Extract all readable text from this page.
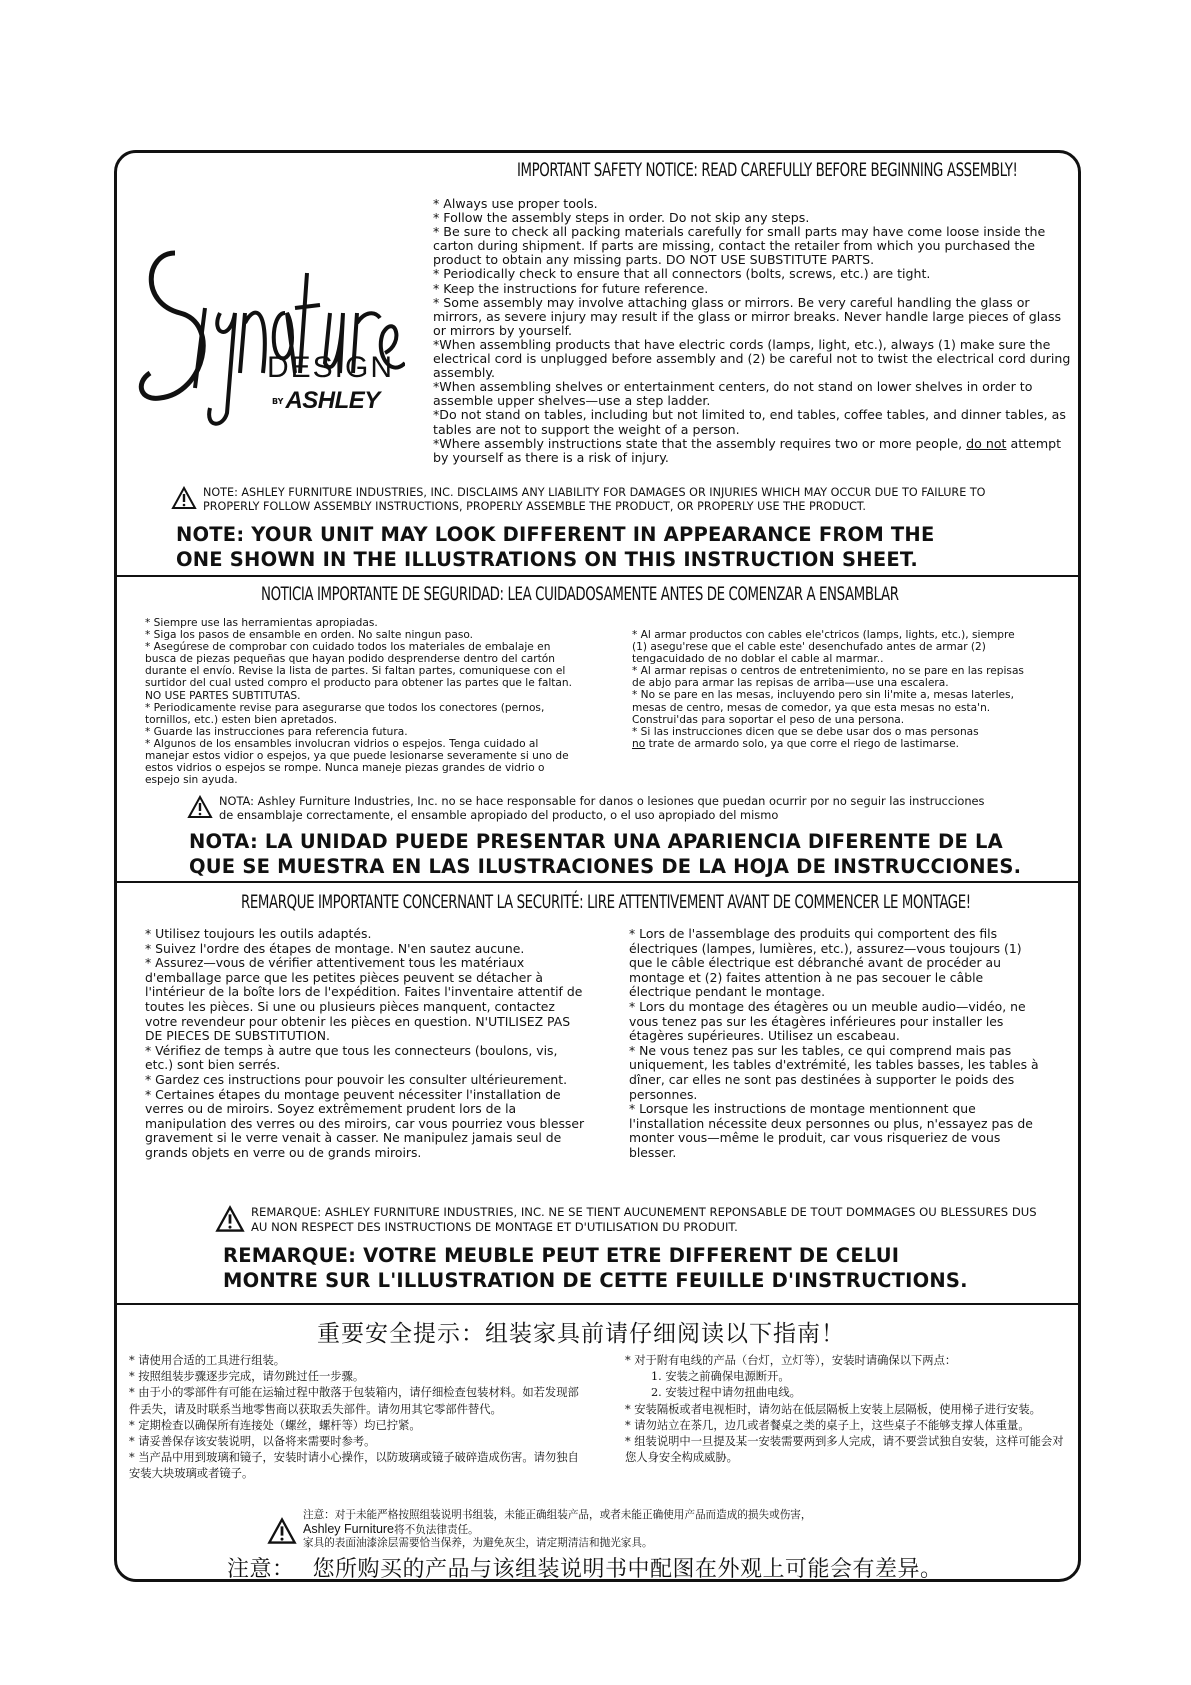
DESIGN
BY ASHLEY
IMPORTANT SAFETY NOTICE: READ CAREFULLY BEFORE BEGINNING ASSEMBLY!

* Always use proper tools.

* Follow the assembly steps in order. Do not skip any steps.

* Be sure to check all packing materials carefully for small parts may have come loose inside the carton during shipment. If parts are missing, contact the retailer from which you purchased the product to obtain any missing parts. DO NOT USE SUBSTITUTE PARTS.

* Periodically check to ensure that all connectors (bolts, screws, etc.) are tight.

* Keep the instructions for future reference.

* Some assembly may involve attaching glass or mirrors. Be very careful handling the glass or mirrors, as severe injury may result if the glass or mirror breaks. Never handle large pieces of glass or mirrors by yourself.

*When assembling products that have electric cords (lamps, light, etc.), always (1) make sure the electrical cord is unplugged before assembly and (2) be careful not to twist the electrical cord during assembly.

*When assembling shelves or entertainment centers, do not stand on lower shelves in order to assemble upper shelves—use a step ladder.

*Do not stand on tables, including but not limited to, end tables, coffee tables, and dinner tables, as tables are not to support the weight of a person.

*Where assembly instructions state that the assembly requires two or more people, do not attempt by yourself as there is a risk of injury.

NOTE: ASHLEY FURNITURE INDUSTRIES, INC. DISCLAIMS ANY LIABILITY FOR DAMAGES OR INJURIES WHICH MAY OCCUR DUE TO FAILURE TO PROPERLY FOLLOW ASSEMBLY INSTRUCTIONS, PROPERLY ASSEMBLE THE PRODUCT, OR PROPERLY USE THE PRODUCT.
NOTE: YOUR UNIT MAY LOOK DIFFERENT IN APPEARANCE FROM THE
ONE SHOWN IN THE ILLUSTRATIONS ON THIS INSTRUCTION SHEET.
NOTICIA IMPORTANTE DE SEGURIDAD: LEA CUIDADOSAMENTE ANTES DE COMENZAR A ENSAMBLAR

* Siempre use las herramientas apropiadas.

* Siga los pasos de ensamble en orden. No salte ningun paso.

* Asegúrese de comprobar con cuidado todos los materiales de embalaje en busca de piezas pequeñas que hayan podido desprenderse dentro del cartón durante el envío. Revise la lista de partes. Si faltan partes, comuniquese con el surtidor del cual usted compro el producto para obtener las partes que le faltan. NO USE PARTES SUBTITUTAS.

* Periodicamente revise para asegurarse que todos los conectores (pernos, tornillos, etc.) esten bien apretados.

* Guarde las instrucciones para referencia futura.

* Algunos de los ensambles involucran vidrios o espejos. Tenga cuidado al manejar estos vidior o espejos, ya que puede lesionarse severamente si uno de estos vidrios o espejos se rompe. Nunca maneje piezas grandes de vidrio o espejo sin ayuda.

* Al armar productos con cables ele'ctricos (lamps, lights, etc.), siempre (1) asegu'rese que el cable este' desenchufado antes de armar (2) tengacuidado de no doblar el cable al marmar..

* Al armar repisas o centros de entretenimiento, no se pare en las repisas de abjo para armar las repisas de arriba—use una escalera.

* No se pare en las mesas, incluyendo pero sin li'mite a, mesas laterles, mesas de centro, mesas de comedor, ya que esta mesas no esta'n. Construi'das para soportar el peso de una persona.

* Si las instrucciones dicen que se debe usar dos o mas personas

no trate de armardo solo, ya que corre el riego de lastimarse.

NOTA: Ashley Furniture Industries, Inc. no se hace responsable for danos o lesiones que puedan ocurrir por no seguir las instrucciones de ensamblaje correctamente, el ensamble apropiado del producto, o el uso apropiado del mismo
NOTA: LA UNIDAD PUEDE PRESENTAR UNA APARIENCIA DIFERENTE DE LA
QUE SE MUESTRA EN LAS ILUSTRACIONES DE LA HOJA DE INSTRUCCIONES.
REMARQUE IMPORTANTE CONCERNANT LA SECURITÉ: LIRE ATTENTIVEMENT AVANT DE COMMENCER LE MONTAGE!

* Utilisez toujours les outils adaptés.

* Suivez l'ordre des étapes de montage. N'en sautez aucune.

* Assurez—vous de vérifier attentivement tous les matériaux d'emballage parce que les petites pièces peuvent se détacher à l'intérieur de la boîte lors de l'expédition. Faites l'inventaire attentif de toutes les pièces. Si une ou plusieurs pièces manquent, contactez votre revendeur pour obtenir les pièces en question. N'UTILISEZ PAS DE PIECES DE SUBSTITUTION.

* Vérifiez de temps à autre que tous les connecteurs (boulons, vis, etc.) sont bien serrés.

* Gardez ces instructions pour pouvoir les consulter ultérieurement.

* Certaines étapes du montage peuvent nécessiter l'installation de verres ou de miroirs. Soyez extrêmement prudent lors de la manipulation des verres ou des miroirs, car vous pourriez vous blesser gravement si le verre venait à casser. Ne manipulez jamais seul de grands objets en verre ou de grands miroirs.

* Lors de l'assemblage des produits qui comportent des fils électriques (lampes, lumières, etc.), assurez—vous toujours (1) que le câble électrique est débranché avant de procéder au montage et (2) faites attention à ne pas secouer le câble électrique pendant le montage.

* Lors du montage des étagères ou un meuble audio—vidéo, ne vous tenez pas sur les étagères inférieures pour installer les étagères supérieures. Utilisez un escabeau.

* Ne vous tenez pas sur les tables, ce qui comprend mais pas uniquement, les tables d'extrémité, les tables basses, les tables à dîner, car elles ne sont pas destinées à supporter le poids des personnes.

* Lorsque les instructions de montage mentionnent que l'installation nécessite deux personnes ou plus, n'essayez pas de monter vous—même le produit, car vous risqueriez de vous blesser.

REMARQUE: ASHLEY FURNITURE INDUSTRIES, INC. NE SE TIENT AUCUNEMENT REPONSABLE DE TOUT DOMMAGES OU BLESSURES DUS AU NON RESPECT DES INSTRUCTIONS DE MONTAGE ET D'UTILISATION DU PRODUIT.
REMARQUE: VOTRE MEUBLE PEUT ETRE DIFFERENT DE CELUI
MONTRE SUR L'ILLUSTRATION DE CETTE FEUILLE D'INSTRUCTIONS.
重要安全提示：组装家具前请仔细阅读以下指南！

* 请使用合适的工具进行组装。

* 按照组装步骤逐步完成，请勿跳过任一步骤。

* 由于小的零部件有可能在运输过程中散落于包装箱内，请仔细检查包装材料。如若发现部件丢失，请及时联系当地零售商以获取丢失部件。请勿用其它零部件替代。

* 定期检查以确保所有连接处（螺丝，螺杆等）均已拧紧。

* 请妥善保存该安装说明，以备将来需要时参考。

* 当产品中用到玻璃和镜子，安装时请小心操作，以防玻璃或镜子破碎造成伤害。请勿独自安装大块玻璃或者镜子。

* 对于附有电线的产品（台灯，立灯等），安装时请确保以下两点：

1. 安装之前确保电源断开。

2. 安装过程中请勿扭曲电线。

* 安装隔板或者电视柜时，请勿站在低层隔板上安装上层隔板，使用梯子进行安装。

* 请勿站立在茶几，边几或者餐桌之类的桌子上，这些桌子不能够支撑人体重量。

* 组装说明中一旦提及某一安装需要两到多人完成，请不要尝试独自安装，这样可能会对您人身安全构成威胁。

注意：对于未能严格按照组装说明书组装，未能正确组装产品，或者未能正确使用产品而造成的损失或伤害，
Ashley Furniture将不负法律责任。
家具的表面油漆涂层需要恰当保养，为避免灰尘，请定期清洁和抛光家具。
注意： 您所购买的产品与该组装说明书中配图在外观上可能会有差异。
